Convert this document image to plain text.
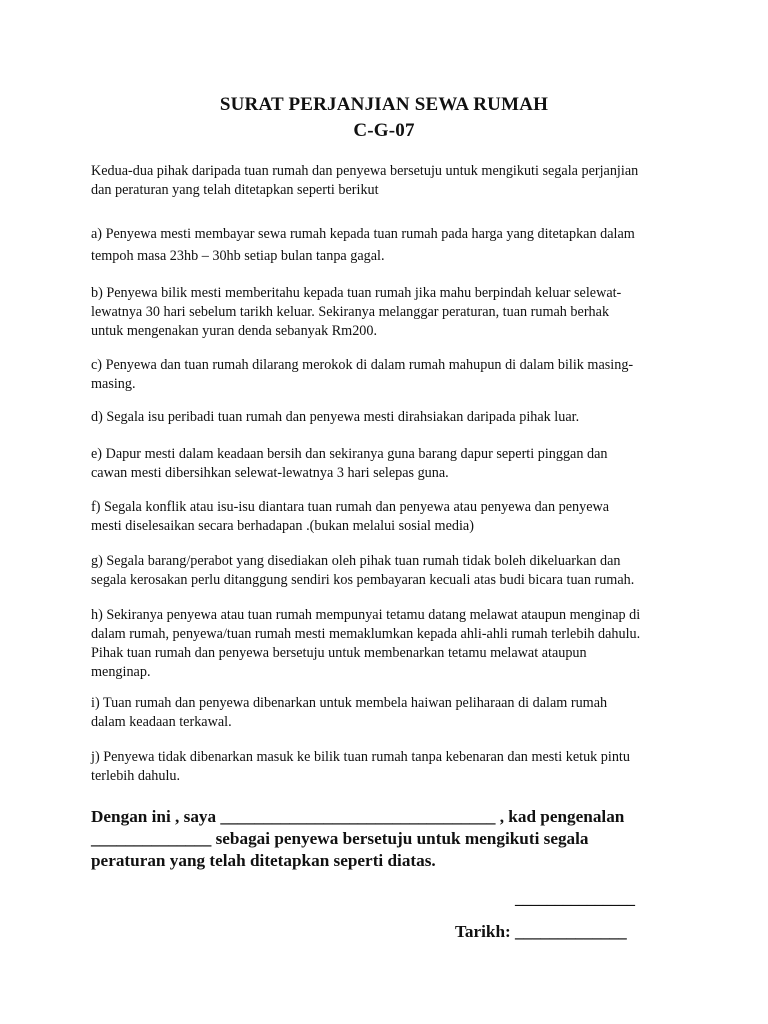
SURAT PERJANJIAN SEWA RUMAH
C-G-07
Kedua-dua pihak daripada tuan rumah dan penyewa bersetuju untuk mengikuti segala perjanjian
dan peraturan yang telah ditetapkan seperti berikut
a) Penyewa mesti membayar sewa rumah kepada tuan rumah pada harga yang ditetapkan dalam
tempoh masa 23hb – 30hb setiap bulan tanpa gagal.
b) Penyewa bilik mesti memberitahu kepada tuan rumah jika mahu berpindah keluar selewat-
lewatnya 30 hari sebelum tarikh keluar. Sekiranya melanggar peraturan, tuan rumah berhak
untuk mengenakan yuran denda sebanyak Rm200.
c) Penyewa dan tuan rumah dilarang merokok di dalam rumah mahupun di dalam bilik masing-
masing.
d) Segala isu peribadi tuan rumah dan penyewa mesti dirahsiakan daripada pihak luar.
e) Dapur mesti dalam keadaan bersih dan sekiranya guna barang dapur seperti pinggan dan
cawan mesti dibersihkan selewat-lewatnya 3 hari selepas guna.
f) Segala konflik atau isu-isu diantara tuan rumah dan penyewa atau penyewa dan penyewa
mesti diselesaikan secara berhadapan .(bukan melalui sosial media)
g) Segala barang/perabot yang disediakan oleh pihak tuan rumah tidak boleh dikeluarkan dan
segala kerosakan perlu ditanggung sendiri kos pembayaran kecuali atas budi bicara tuan rumah.
h) Sekiranya penyewa atau tuan rumah mempunyai tetamu datang melawat ataupun menginap di
dalam rumah, penyewa/tuan rumah mesti memaklumkan kepada ahli-ahli rumah terlebih dahulu.
Pihak tuan rumah dan penyewa bersetuju untuk membenarkan tetamu melawat ataupun
menginap.
i) Tuan rumah dan penyewa dibenarkan untuk membela haiwan peliharaan di dalam rumah
dalam keadaan terkawal.
j) Penyewa tidak dibenarkan masuk ke bilik tuan rumah tanpa kebenaran dan mesti ketuk pintu
terlebih dahulu.
Dengan ini , saya ________________________________ , kad pengenalan
______________ sebagai penyewa bersetuju untuk mengikuti segala
peraturan yang telah ditetapkan seperti diatas.
_______________
Tarikh: _____________
